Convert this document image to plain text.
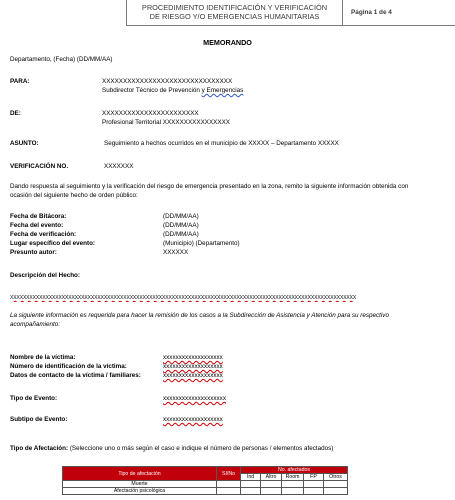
PROCEDIMIENTO IDENTIFICACIÓN Y VERIFICACIÓN
DE RIESGO Y/O EMERGENCIAS HUMANITARIAS	Página 1 de 4
MEMORANDO
Departamento, (Fecha) (DD/MM/AA)
PARA:	XXXXXXXXXXXXXXXXXXXXXXXXXXXXXXX
Subdirector Técnico de Prevención y Emergencias
DE:	XXXXXXXXXXXXXXXXXXXXXXX
Profesional Territorial XXXXXXXXXXXXXXXX
ASUNTO:	Seguimiento a hechos ocurridos en el municipio de XXXXX – Departamento XXXXX
VERIFICACIÓN NO.	XXXXXXX
Dando respuesta al seguimiento y la verificación del riesgo de emergencia presentado en la zona, remito la siguiente información obtenida con ocasión del siguiente hecho de orden público:
Fecha de Bitácora:	(DD/MM/AA)
Fecha del evento:	(DD/MM/AA)
Fecha de verificación:	(DD/MM/AA)
Lugar específico del evento:	(Municipio) (Departamento)
Presunto autor:	XXXXXX
Descripción del Hecho:
XXXXXXXXXXXXXXXXXXXXXXXXXXXXXXXXXXXXXXXXXXXXXXXXXXXXXXXXXXXXXXXXXXXXXXXXXXXXXXXXXXXXXXXXXXXXXXXXXXXXXXXXXXX
La siguiente información es requerida para hacer la remisión de los casos a la Subdirección de Asistencia y Atención para su respectivo acompañamiento:
Nombre de la víctima:	xxxxxxxxxxxxxxxxxxx
Número de identificación de la víctima:	xxxxxxxxxxxxxxxxxxx
Datos de contacto de la víctima / familiares:	xxxxxxxxxxxxxxxxxxx
Tipo de Evento:	xxxxxxxxxxxxxxxxxxxx
Subtipo de Evento:	xxxxxxxxxxxxxxxxxxx
Tipo de Afectación: (Seleccione uno o más según el caso e indique el número de personas / elementos afectados)
Tipo de afectación	SI/No	No. afectados				
		Ind	Altro	Room	FP	Otros
Muerte						
Afectación psicológica						
